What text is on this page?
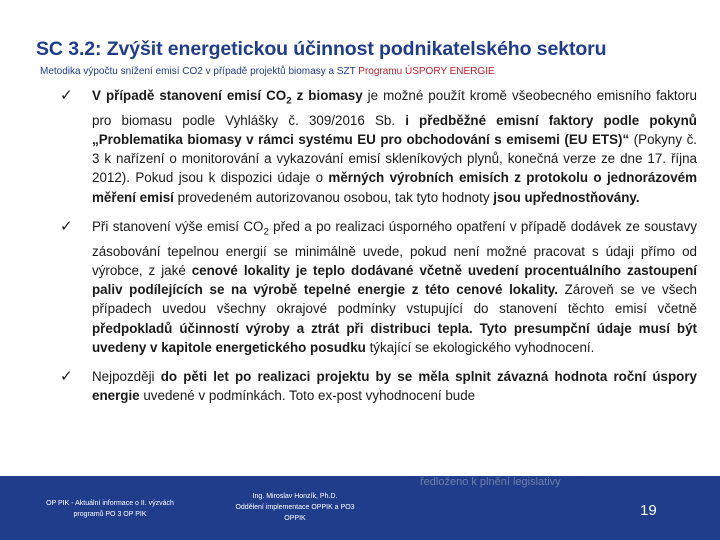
SC 3.2: Zvýšit energetickou účinnost podnikatelského sektoru
Metodika výpočtu snížení emisí CO2 v případě projektů biomasy a SZT Programu ÚSPORY ENERGIE
✓ V případě stanovení emisí $CO_2$ z biomasy je možné použít kromě všeobecného emisního faktoru pro biomasu podle Vyhlášky č. 309/2016 Sb. i předběžné emisní faktory podle pokynů „Problematika biomasy v rámci systému EU pro obchodování s emisemi (EU ETS)“ (Pokyny č. 3 k nařízení o monitorování a vykazování emisí skleníkových plynů, konečná verze ze dne 17. října 2012). Pokud jsou k dispozici údaje o měrných výrobních emisích z protokolu o jednorázovém měření emisí provedeném autorizovanou osobou, tak tyto hodnoty jsou upřednostňovány.
✓ Při stanovení výše emisí $CO_2$ před a po realizaci úsporného opatření v případě dodávek ze soustavy zásobování tepelnou energií se minimálně uvede, pokud není možné pracovat s údaji přímo od výrobce, z jaké cenové lokality je teplo dodávané včetně uvedení procentuálního zastoupení paliv podílejících se na výrobě tepelné energie z této cenové lokality. Zároveň se ve všech případech uvedou všechny okrajové podmínky vstupující do stanovení těchto emisí včetně předpokladů účinností výroby a ztrát při distribuci tepla. Tyto presumpční údaje musí být uvedeny v kapitole energetického posudku týkající se ekologického vyhodnocení.
✓ Nejpozději do pěti let po realizaci projektu by se měla splnit závazná hodnota roční úspory energie uvedené v podmínkách. Toto ex-post vyhodnocení bude
ředloženo k plnění legislativy
OP PIK - Aktuální informace o II. výzvách
programů PO 3 OP PIK
Ing. Miroslav Honzík, Ph.D.
Oddělení implementace OPPIK a PO3
OPPIK	19
